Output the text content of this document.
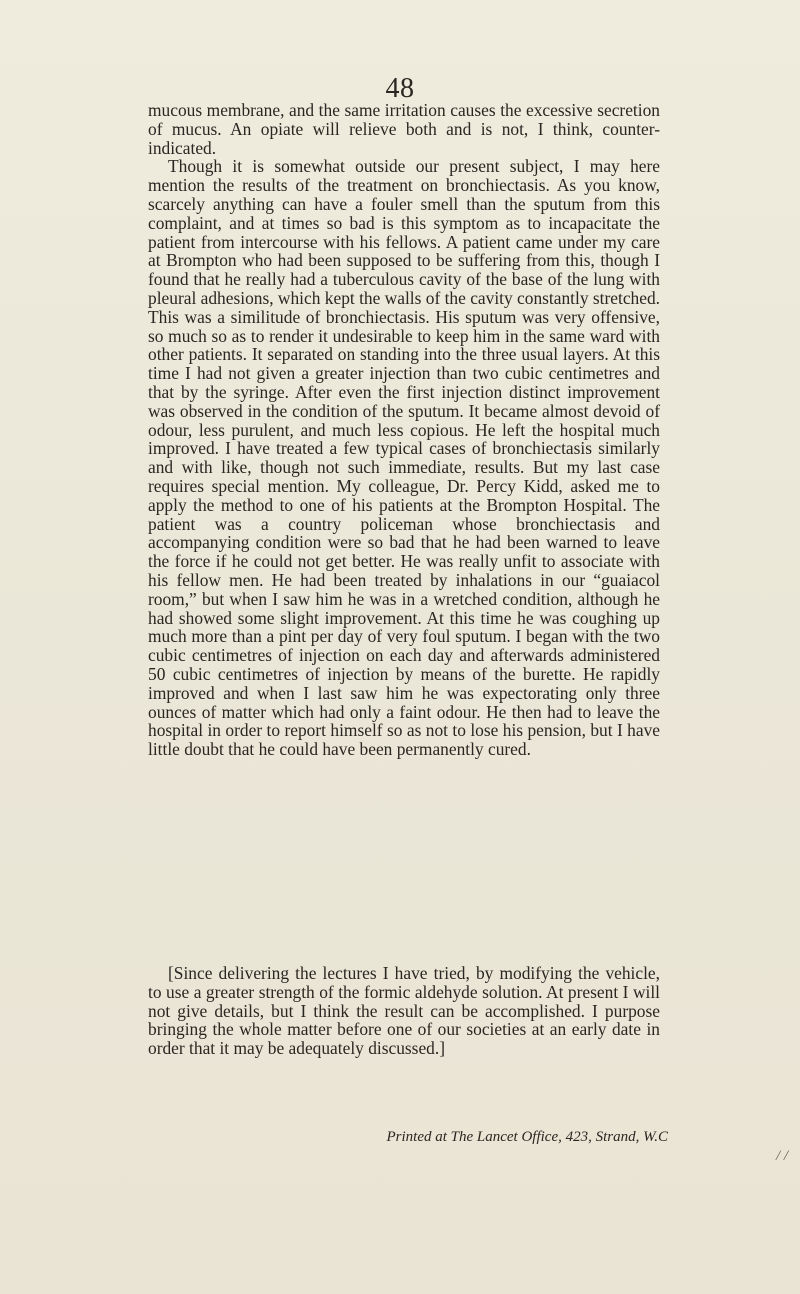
48

mucous membrane, and the same irritation causes the excessive secretion of mucus. An opiate will relieve both and is not, I think, counter-indicated.

Though it is somewhat outside our present subject, I may here mention the results of the treatment on bronchiectasis. As you know, scarcely anything can have a fouler smell than the sputum from this complaint, and at times so bad is this symptom as to incapacitate the patient from intercourse with his fellows. A patient came under my care at Brompton who had been supposed to be suffering from this, though I found that he really had a tuberculous cavity of the base of the lung with pleural adhesions, which kept the walls of the cavity constantly stretched. This was a similitude of bronchiectasis. His sputum was very offensive, so much so as to render it undesirable to keep him in the same ward with other patients. It separated on standing into the three usual layers. At this time I had not given a greater injection than two cubic centimetres and that by the syringe. After even the first injection distinct improvement was observed in the condition of the sputum. It became almost devoid of odour, less purulent, and much less copious. He left the hospital much improved. I have treated a few typical cases of bronchiectasis similarly and with like, though not such immediate, results. But my last case requires special mention. My colleague, Dr. Percy Kidd, asked me to apply the method to one of his patients at the Brompton Hospital. The patient was a country policeman whose bronchiectasis and accompanying condition were so bad that he had been warned to leave the force if he could not get better. He was really unfit to associate with his fellow men. He had been treated by inhalations in our “guaiacol room,” but when I saw him he was in a wretched condition, although he had showed some slight improvement. At this time he was coughing up much more than a pint per day of very foul sputum. I began with the two cubic centimetres of injection on each day and afterwards administered 50 cubic centimetres of injection by means of the burette. He rapidly improved and when I last saw him he was expectorating only three ounces of matter which had only a faint odour. He then had to leave the hospital in order to report himself so as not to lose his pension, but I have little doubt that he could have been permanently cured.

[Since delivering the lectures I have tried, by modifying the vehicle, to use a greater strength of the formic aldehyde solution. At present I will not give details, but I think the result can be accomplished. I purpose bringing the whole matter before one of our societies at an early date in order that it may be adequately discussed.]

Printed at The Lancet Office, 423, Strand, W.C
/ /
